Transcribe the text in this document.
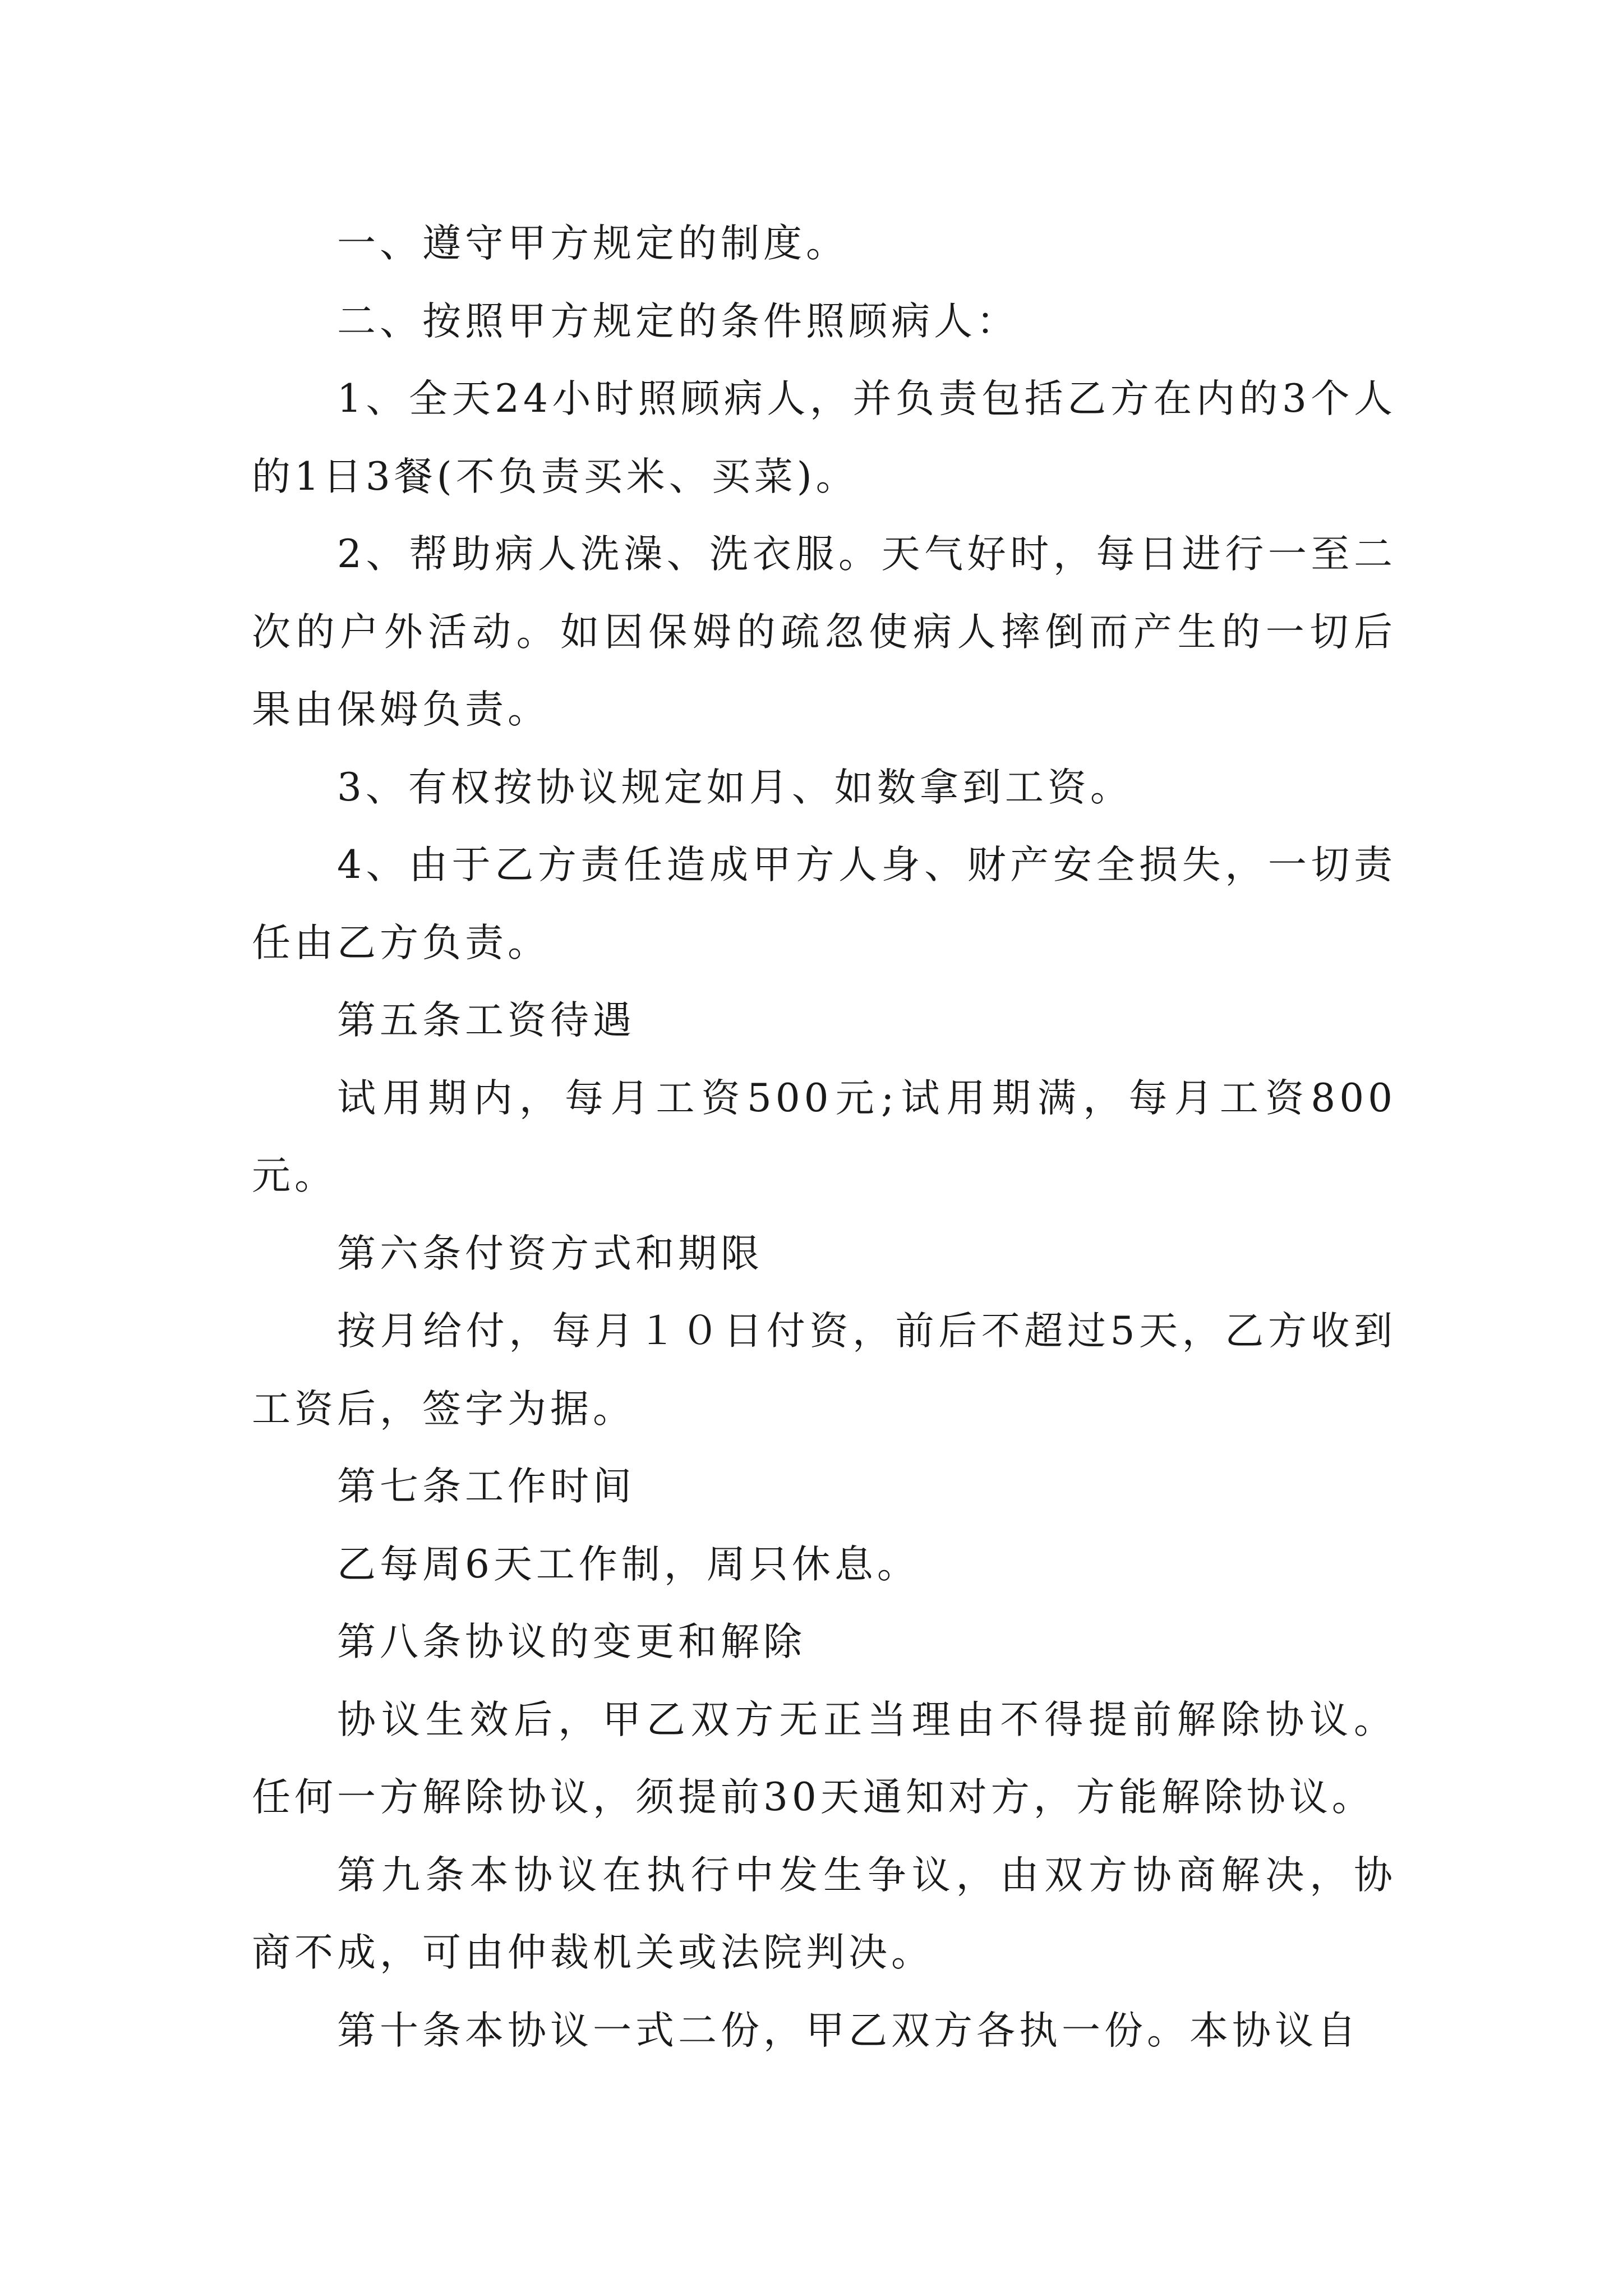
一、遵守甲方规定的制度。

二、按照甲方规定的条件照顾病人：

1、全天24小时照顾病人，并负责包括乙方在内的3个人的1日3餐(不负责买米、买菜)。

2、帮助病人洗澡、洗衣服。天气好时，每日进行一至二次的户外活动。如因保姆的疏忽使病人摔倒而产生的一切后果由保姆负责。

3、有权按协议规定如月、如数拿到工资。

4、由于乙方责任造成甲方人身、财产安全损失，一切责任由乙方负责。

第五条工资待遇

试用期内，每月工资500元;试用期满，每月工资800元。

第六条付资方式和期限

按月给付，每月１０日付资，前后不超过5天，乙方收到工资后，签字为据。

第七条工作时间

乙每周6天工作制，周只休息。

第八条协议的变更和解除

协议生效后，甲乙双方无正当理由不得提前解除协议。任何一方解除协议，须提前30天通知对方，方能解除协议。

第九条本协议在执行中发生争议，由双方协商解决，协商不成，可由仲裁机关或法院判决。

第十条本协议一式二份，甲乙双方各执一份。本协议自
